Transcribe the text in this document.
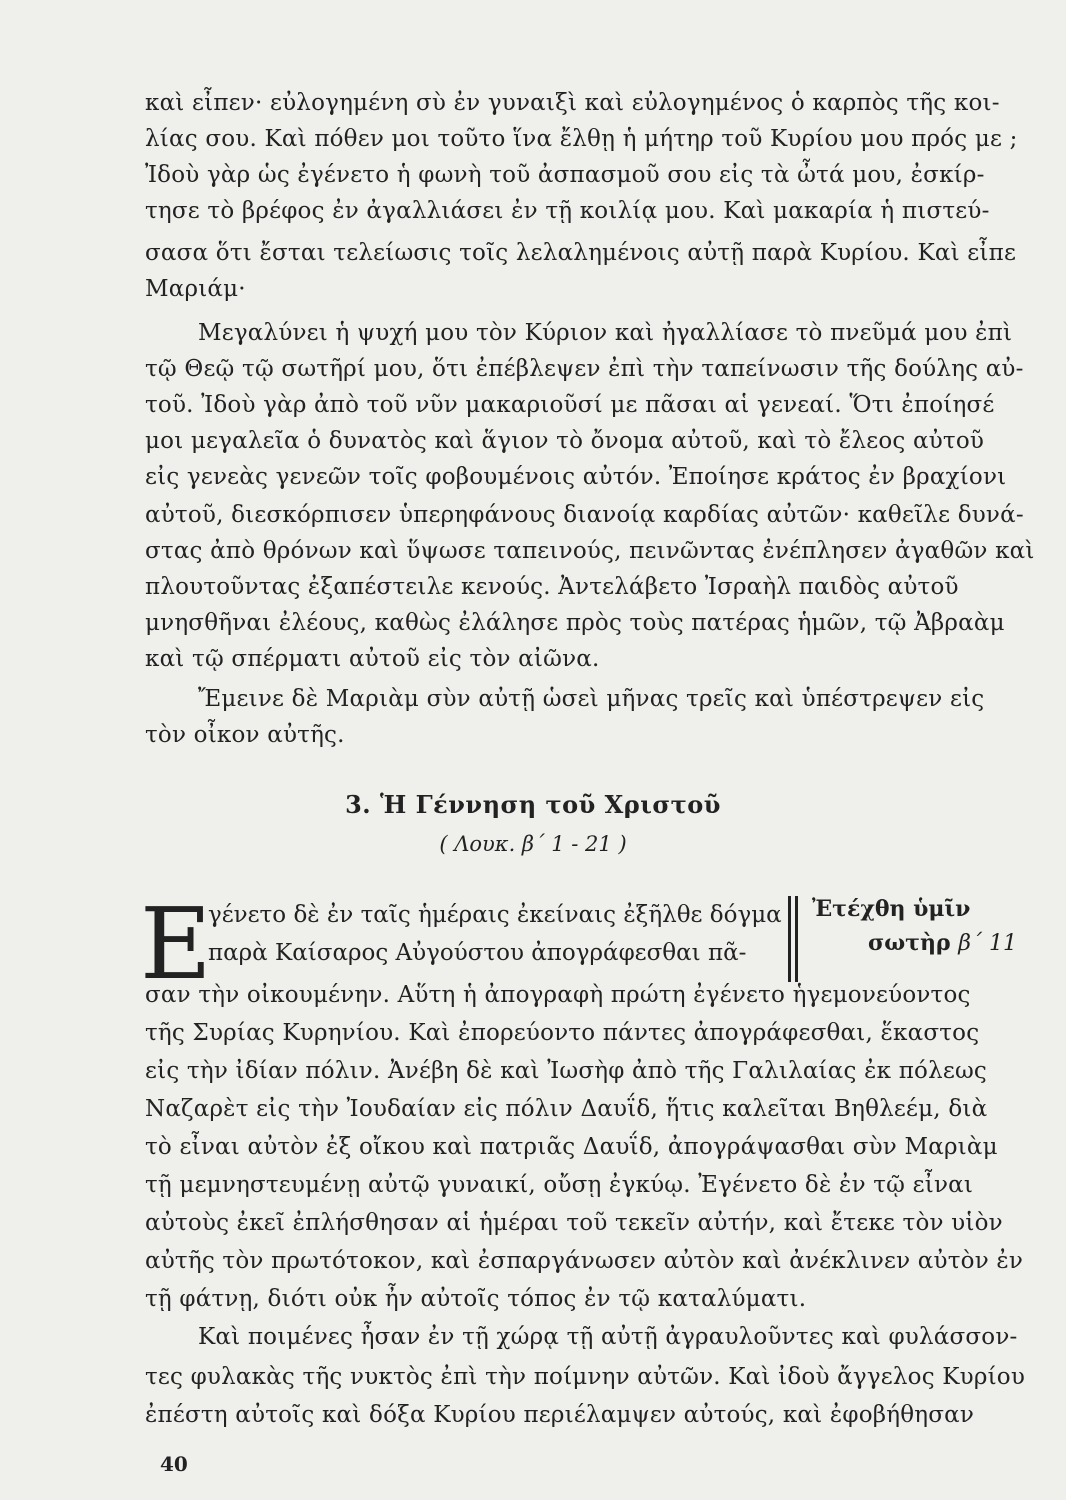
καὶ εἶπεν· εὐλογημένη σὺ ἐν γυναιξὶ καὶ εὐλογημένος ὁ καρπὸς τῆς κοι-
λίας σου. Καὶ πόθεν μοι τοῦτο ἵνα ἔλθῃ ἡ μήτηρ τοῦ Κυρίου μου πρός με ;
Ἰδοὺ γὰρ ὡς ἐγένετο ἡ φωνὴ τοῦ ἀσπασμοῦ σου εἰς τὰ ὦτά μου, ἐσκίρ-
τησε τὸ βρέφος ἐν ἀγαλλιάσει ἐν τῇ κοιλίᾳ μου. Καὶ μακαρία ἡ πιστεύ-
σασα ὅτι ἔσται τελείωσις τοῖς λελαλημένοις αὐτῇ παρὰ Κυρίου. Καὶ εἶπε
Μαριάμ·
Μεγαλύνει ἡ ψυχή μου τὸν Κύριον καὶ ἠγαλλίασε τὸ πνεῦμά μου ἐπὶ
τῷ Θεῷ τῷ σωτῆρί μου, ὅτι ἐπέβλεψεν ἐπὶ τὴν ταπείνωσιν τῆς δούλης αὐ-
τοῦ. Ἰδοὺ γὰρ ἀπὸ τοῦ νῦν μακαριοῦσί με πᾶσαι αἱ γενεαί. Ὅτι ἐποίησέ
μοι μεγαλεῖα ὁ δυνατὸς καὶ ἅγιον τὸ ὄνομα αὐτοῦ, καὶ τὸ ἔλεος αὐτοῦ
εἰς γενεὰς γενεῶν τοῖς φοβουμένοις αὐτόν. Ἐποίησε κράτος ἐν βραχίονι
αὐτοῦ, διεσκόρπισεν ὑπερηφάνους διανοίᾳ καρδίας αὐτῶν· καθεῖλε δυνά-
στας ἀπὸ θρόνων καὶ ὕψωσε ταπεινούς, πεινῶντας ἐνέπλησεν ἀγαθῶν καὶ
πλουτοῦντας ἐξαπέστειλε κενούς. Ἀντελάβετο Ἰσραὴλ παιδὸς αὐτοῦ
μνησθῆναι ἐλέους, καθὼς ἐλάλησε πρὸς τοὺς πατέρας ἡμῶν, τῷ Ἀβραὰμ
καὶ τῷ σπέρματι αὐτοῦ εἰς τὸν αἰῶνα.
Ἔμεινε δὲ Μαριὰμ σὺν αὐτῇ ὡσεὶ μῆνας τρεῖς καὶ ὑπέστρεψεν εἰς
τὸν οἶκον αὐτῆς.
3. Ἡ Γέννηση τοῦ Χριστοῦ
( Λουκ. β΄ 1 - 21 )
Ε
γένετο δὲ ἐν ταῖς ἡμέραις ἐκείναις ἐξῆλθε δόγμα
παρὰ Καίσαρος Αὐγούστου ἀπογράφεσθαι πᾶ-
Ἐτέχθη ὑμῖν
σωτὴρ β΄ 11
σαν τὴν οἰκουμένην. Αὕτη ἡ ἀπογραφὴ πρώτη ἐγένετο ἡγεμονεύοντος
τῆς Συρίας Κυρηνίου. Καὶ ἐπορεύοντο πάντες ἀπογράφεσθαι, ἕκαστος
εἰς τὴν ἰδίαν πόλιν. Ἀνέβη δὲ καὶ Ἰωσὴφ ἀπὸ τῆς Γαλιλαίας ἐκ πόλεως
Ναζαρὲτ εἰς τὴν Ἰουδαίαν εἰς πόλιν Δαυΐδ, ἥτις καλεῖται Βηθλεέμ, διὰ
τὸ εἶναι αὐτὸν ἐξ οἴκου καὶ πατριᾶς Δαυΐδ, ἀπογράψασθαι σὺν Μαριὰμ
τῇ μεμνηστευμένῃ αὐτῷ γυναικί, οὔσῃ ἐγκύῳ. Ἐγένετο δὲ ἐν τῷ εἶναι
αὐτοὺς ἐκεῖ ἐπλήσθησαν αἱ ἡμέραι τοῦ τεκεῖν αὐτήν, καὶ ἔτεκε τὸν υἱὸν
αὐτῆς τὸν πρωτότοκον, καὶ ἐσπαργάνωσεν αὐτὸν καὶ ἀνέκλινεν αὐτὸν ἐν
τῇ φάτνῃ, διότι οὐκ ἦν αὐτοῖς τόπος ἐν τῷ καταλύματι.
Καὶ ποιμένες ἦσαν ἐν τῇ χώρᾳ τῇ αὐτῇ ἀγραυλοῦντες καὶ φυλάσσον-
τες φυλακὰς τῆς νυκτὸς ἐπὶ τὴν ποίμνην αὐτῶν. Καὶ ἰδοὺ ἄγγελος Κυρίου
ἐπέστη αὐτοῖς καὶ δόξα Κυρίου περιέλαμψεν αὐτούς, καὶ ἐφοβήθησαν
40
